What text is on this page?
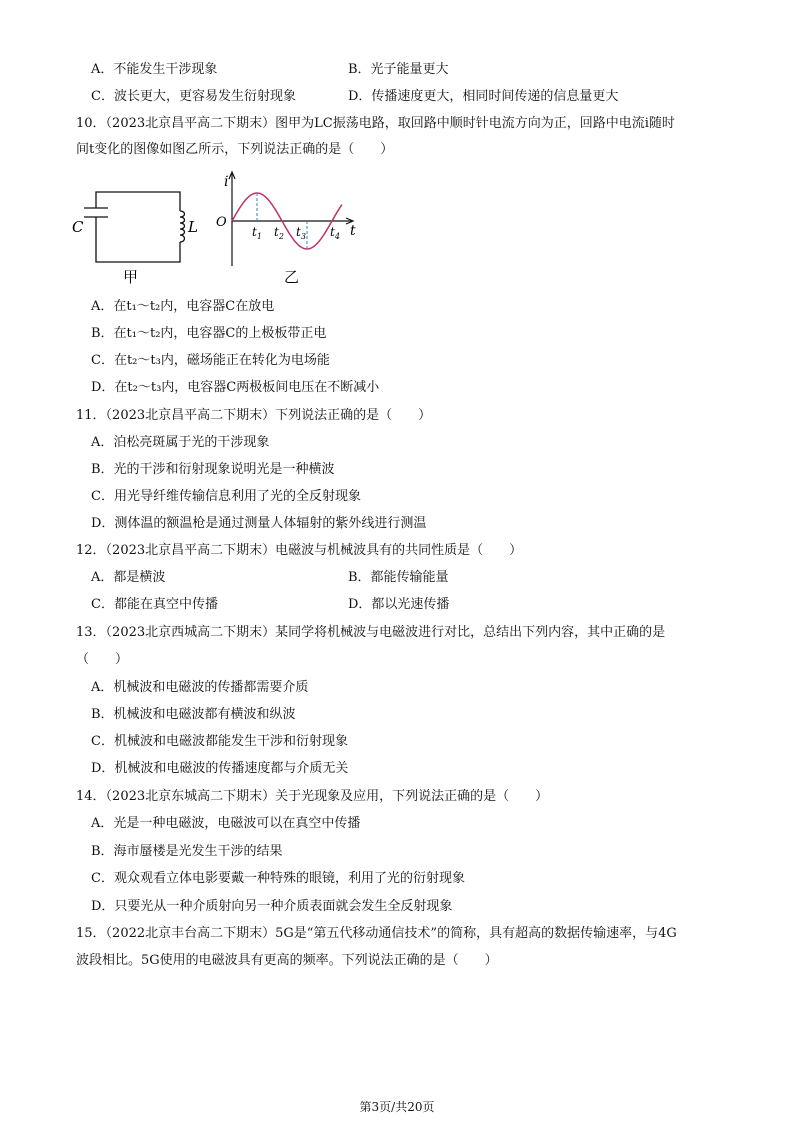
A．不能发生干涉现象	B．光子能量更大
C．波长更大，更容易发生衍射现象	D．传播速度更大，相同时间传递的信息量更大
10．（2023北京昌平高二下期末）图甲为LC振荡电路，取回路中顺时针电流方向为正，回路中电流i随时
间t变化的图像如图乙所示，下列说法正确的是（　　）
C	L
甲
i
O
t
$t_1$ $t_2$ $t_3$ $t_4$
乙
A．在t₁～t₂内，电容器C在放电
B．在t₁～t₂内，电容器C的上极板带正电
C．在t₂～t₃内，磁场能正在转化为电场能
D．在t₂～t₃内，电容器C两极板间电压在不断减小
11．（2023北京昌平高二下期末）下列说法正确的是（　　）
A．泊松亮斑属于光的干涉现象
B．光的干涉和衍射现象说明光是一种横波
C．用光导纤维传输信息利用了光的全反射现象
D．测体温的额温枪是通过测量人体辐射的紫外线进行测温
12．（2023北京昌平高二下期末）电磁波与机械波具有的共同性质是（　　）
A．都是横波	B．都能传输能量
C．都能在真空中传播	D．都以光速传播
13．（2023北京西城高二下期末）某同学将机械波与电磁波进行对比，总结出下列内容，其中正确的是
（　　）
A．机械波和电磁波的传播都需要介质
B．机械波和电磁波都有横波和纵波
C．机械波和电磁波都能发生干涉和衍射现象
D．机械波和电磁波的传播速度都与介质无关
14．（2023北京东城高二下期末）关于光现象及应用，下列说法正确的是（　　）
A．光是一种电磁波，电磁波可以在真空中传播
B．海市蜃楼是光发生干涉的结果
C．观众观看立体电影要戴一种特殊的眼镜，利用了光的衍射现象
D．只要光从一种介质射向另一种介质表面就会发生全反射现象
15．（2022北京丰台高二下期末）5G是“第五代移动通信技术”的简称，具有超高的数据传输速率，与4G
波段相比。5G使用的电磁波具有更高的频率。下列说法正确的是（　　）
第3页/共20页
